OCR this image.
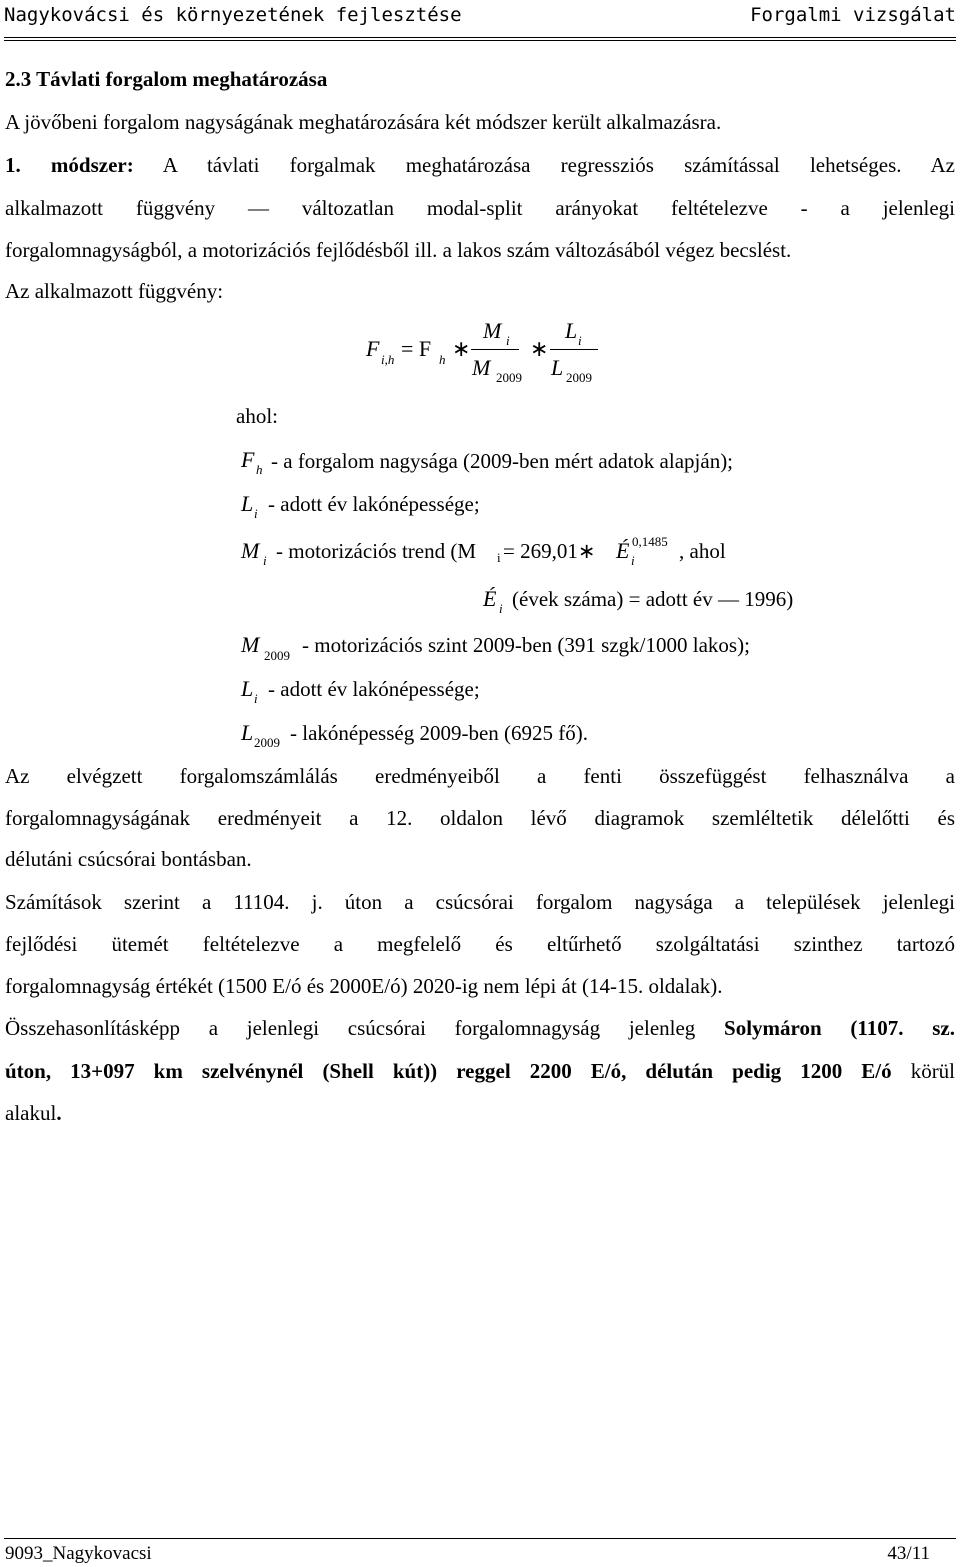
Nagykovácsi és környezetének fejlesztése	Forgalmi vizsgálat
2.3 Távlati forgalom meghatározása
A jövőbeni forgalom nagyságának meghatározására két módszer került alkalmazásra.
1. módszer: A távlati forgalmak meghatározása regressziós számítással lehetséges. Az
alkalmazott függvény — változatlan modal-split arányokat feltételezve - a jelenlegi
forgalomnagyságból, a motorizációs fejlődésből ill. a lakos szám változásából végez becslést.
Az alkalmazott függvény:
F i,h = F h ∗
M i
M 2009
∗
L i
L 2009
ahol:
F h - a forgalom nagysága (2009-ben mért adatok alapján);
L i - adott év lakónépessége;
M i - motorizációs trend (M i = 269,01∗ É 0,1485
i , ahol
É i (évek száma) = adott év — 1996)
M 2009 - motorizációs szint 2009-ben (391 szgk/1000 lakos);
L i - adott év lakónépessége;
L 2009 - lakónépesség 2009-ben (6925 fő).
Az elvégzett forgalomszámlálás eredményeiből a fenti összefüggést felhasználva a
forgalomnagyságának eredményeit a 12. oldalon lévő diagramok szemléltetik délelőtti és
délutáni csúcsórai bontásban.
Számítások szerint a 11104. j. úton a csúcsórai forgalom nagysága a települések jelenlegi
fejlődési ütemét feltételezve a megfelelő és eltűrhető szolgáltatási szinthez tartozó
forgalomnagyság értékét (1500 E/ó és 2000E/ó) 2020-ig nem lépi át (14-15. oldalak).
Összehasonlításképp a jelenlegi csúcsórai forgalomnagyság jelenleg Solymáron (1107. sz.
úton, 13+097 km szelvénynél (Shell kút)) reggel 2200 E/ó, délután pedig 1200 E/ó körül
alakul.
9093_Nagykovacsi	43/11
